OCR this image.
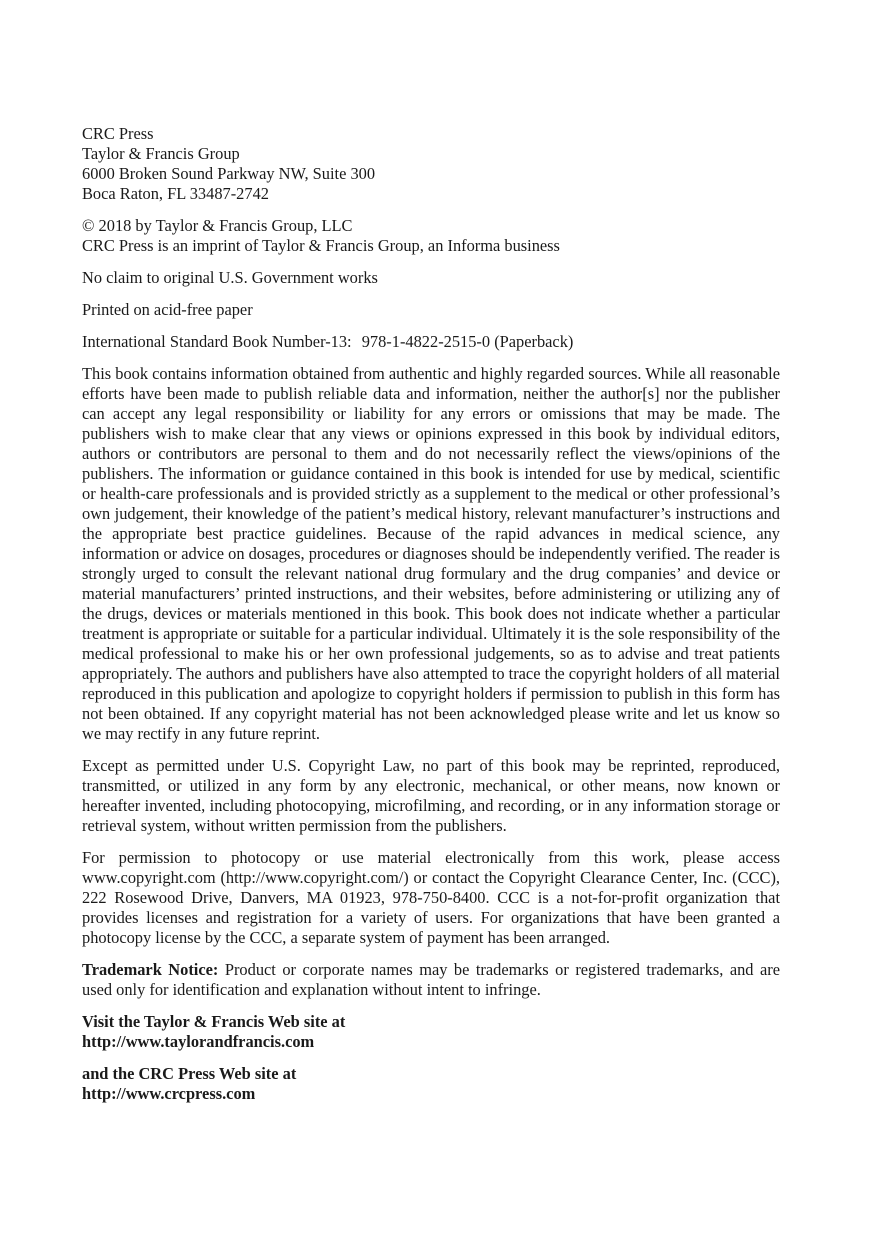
CRC Press
Taylor & Francis Group
6000 Broken Sound Parkway NW, Suite 300
Boca Raton, FL 33487-2742
© 2018 by Taylor & Francis Group, LLC
CRC Press is an imprint of Taylor & Francis Group, an Informa business
No claim to original U.S. Government works
Printed on acid-free paper
International Standard Book Number-13: 978-1-4822-2515-0 (Paperback)

This book contains information obtained from authentic and highly regarded sources. While all reasonable efforts have been made to publish reliable data and information, neither the author[s] nor the publisher can accept any legal responsibility or liability for any errors or omissions that may be made. The publishers wish to make clear that any views or opinions expressed in this book by individual editors, authors or contributors are personal to them and do not necessarily reflect the views/opinions of the publishers. The information or guidance contained in this book is intended for use by medical, scientific or health-care professionals and is provided strictly as a supplement to the medical or other professional’s own judgement, their knowledge of the patient’s medical history, relevant manufacturer’s instructions and the appropriate best practice guidelines. Because of the rapid advances in medical science, any information or advice on dosages, procedures or diagnoses should be independently verified. The reader is strongly urged to consult the relevant national drug formulary and the drug companies’ and device or material manufacturers’ printed instructions, and their websites, before administering or utilizing any of the drugs, devices or materials mentioned in this book. This book does not indicate whether a particular treatment is appropriate or suitable for a particular individual. Ultimately it is the sole responsibility of the medical professional to make his or her own professional judgements, so as to advise and treat patients appropriately. The authors and publishers have also attempted to trace the copyright holders of all material reproduced in this publication and apologize to copyright holders if permission to publish in this form has not been obtained. If any copyright material has not been acknowledged please write and let us know so we may rectify in any future reprint.

Except as permitted under U.S. Copyright Law, no part of this book may be reprinted, reproduced, transmitted, or utilized in any form by any electronic, mechanical, or other means, now known or hereafter invented, including photocopying, microfilming, and recording, or in any information storage or retrieval system, without written permission from the publishers.

For permission to photocopy or use material electronically from this work, please access www.copyright.com (http://www.copyright.com/) or contact the Copyright Clearance Center, Inc. (CCC), 222 Rosewood Drive, Danvers, MA 01923, 978-750-8400. CCC is a not-for-profit organization that provides licenses and registration for a variety of users. For organizations that have been granted a photocopy license by the CCC, a separate system of payment has been arranged.

Trademark Notice: Product or corporate names may be trademarks or registered trademarks, and are used only for identification and explanation without intent to infringe.

Visit the Taylor & Francis Web site at
http://www.taylorandfrancis.com
and the CRC Press Web site at
http://www.crcpress.com
